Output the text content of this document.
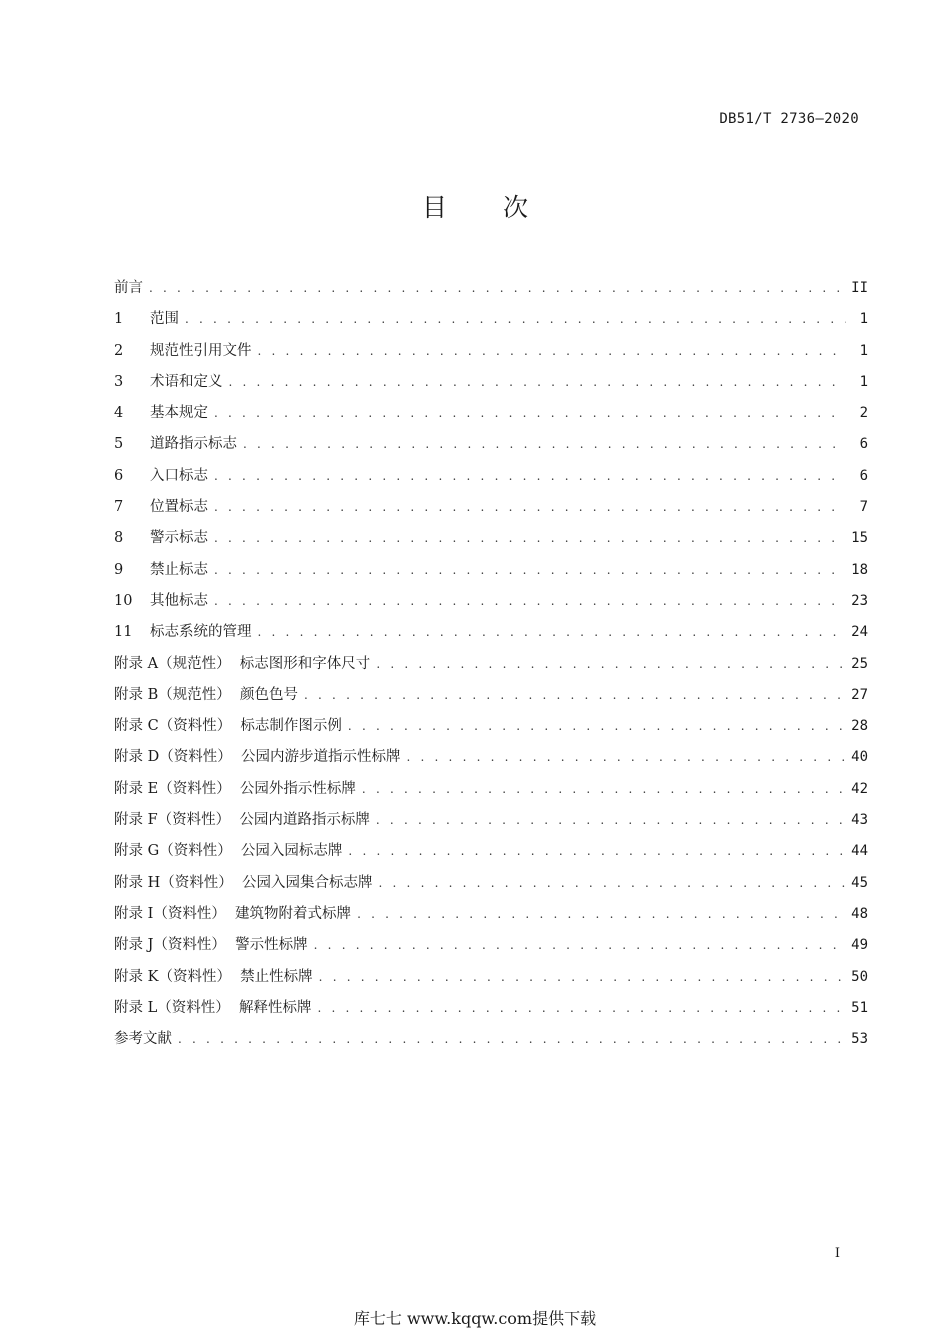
DB51/T 2736—2020
目 次
前言 . . .	II
1 范围 . . .	1
2 规范性引用文件 . . .	1
3 术语和定义 . . .	1
4 基本规定 . . .	2
5 道路指示标志 . . .	6
6 入口标志 . . .	6
7 位置标志 . . .	7
8 警示标志 . . .	15
9 禁止标志 . . .	18
10 其他标志 . . .	23
11 标志系统的管理 . . .	24
附录 A（规范性）  标志图形和字体尺寸 . . .	25
附录 B（规范性）  颜色色号 . . .	27
附录 C（资料性）  标志制作图示例 . . .	28
附录 D（资料性）  公园内游步道指示性标牌 . . .	40
附录 E（资料性）  公园外指示性标牌 . . .	42
附录 F（资料性）  公园内道路指示标牌 . . .	43
附录 G（资料性）  公园入园标志牌 . . .	44
附录 H（资料性）  公园入园集合标志牌 . . .	45
附录 I（资料性）  建筑物附着式标牌 . . .	48
附录 J（资料性）  警示性标牌 . . .	49
附录 K（资料性）  禁止性标牌 . . .	50
附录 L（资料性）  解释性标牌 . . .	51
参考文献 . . .	53
I
库七七 www.kqqw.com提供下载
